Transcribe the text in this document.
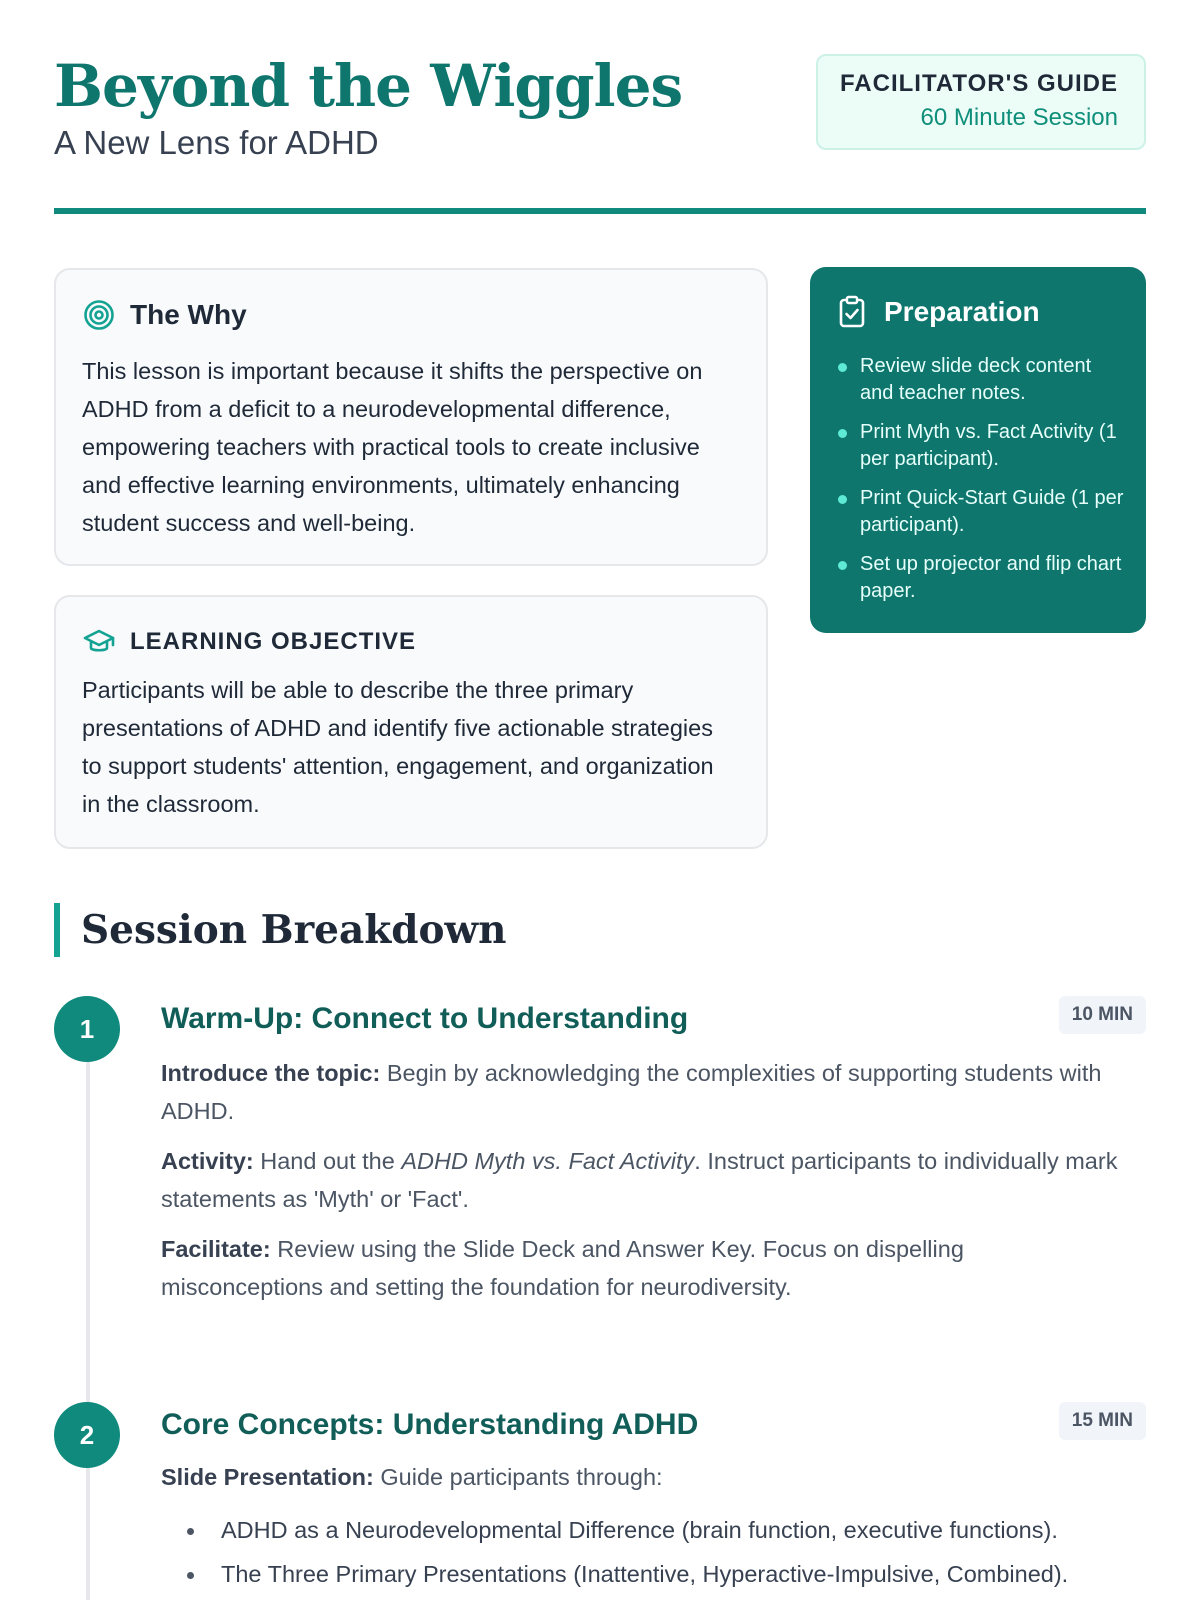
Beyond the Wiggles
A New Lens for ADHD
FACILITATOR'S GUIDE
60 Minute Session
The Why

This lesson is important because it shifts the perspective on ADHD from a deficit to a neurodevelopmental difference, empowering teachers with practical tools to create inclusive and effective learning environments, ultimately enhancing student success and well-being.

LEARNING OBJECTIVE

Participants will be able to describe the three primary presentations of ADHD and identify five actionable strategies to support students' attention, engagement, and organization in the classroom.

Preparation
Review slide deck content and teacher notes.
Print Myth vs. Fact Activity (1 per participant).
Print Quick-Start Guide (1 per participant).
Set up projector and flip chart paper.
Session Breakdown
1	Warm-Up: Connect to Understanding	10 MIN

Introduce the topic: Begin by acknowledging the complexities of supporting students with ADHD.

Activity: Hand out the ADHD Myth vs. Fact Activity. Instruct participants to individually mark statements as 'Myth' or 'Fact'.

Facilitate: Review using the Slide Deck and Answer Key. Focus on dispelling misconceptions and setting the foundation for neurodiversity.

2	Core Concepts: Understanding ADHD	15 MIN

Slide Presentation: Guide participants through:

ADHD as a Neurodevelopmental Difference (brain function, executive functions).
The Three Primary Presentations (Inattentive, Hyperactive-Impulsive, Combined).
